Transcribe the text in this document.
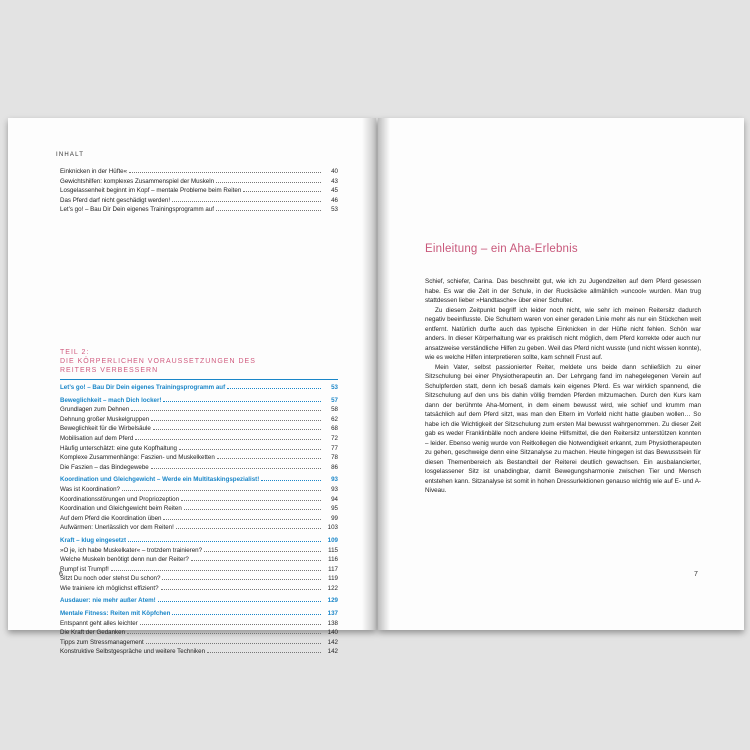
INHALT
Einknicken in der Hüfte«	40
Gewichtshilfen: komplexes Zusammenspiel der Muskeln	43
Losgelassenheit beginnt im Kopf – mentale Probleme beim Reiten	45
Das Pferd darf nicht geschädigt werden!	46
Let’s go! – Bau Dir Dein eigenes Trainingsprogramm auf	53
TEIL 2:
DIE KÖRPERLICHEN VORAUSSETZUNGEN DES
REITERS VERBESSERN
Let’s go! – Bau Dir Dein eigenes Trainingsprogramm auf	53
Beweglichkeit – mach Dich locker!	57
Grundlagen zum Dehnen	58
Dehnung großer Muskelgruppen	62
Beweglichkeit für die Wirbelsäule	68
Mobilisation auf dem Pferd	72
Häufig unterschätzt: eine gute Kopfhaltung	77
Komplexe Zusammenhänge: Faszien- und Muskelketten	78
Die Faszien – das Bindegewebe	86
Koordination und Gleichgewicht – Werde ein Multitaskingspezialist!	93
Was ist Koordination?	93
Koordinationsstörungen und Propriozeption	94
Koordination und Gleichgewicht beim Reiten	95
Auf dem Pferd die Koordination üben	99
Aufwärmen: Unerlässlich vor dem Reiten!	103
Kraft – klug eingesetzt	109
»O je, ich habe Muskelkater« – trotzdem trainieren?	115
Welche Muskeln benötigt denn nun der Reiter?	116
Rumpf ist Trumpf!	117
Sitzt Du noch oder stehst Du schon?	119
Wie trainiere ich möglichst effizient?	122
Ausdauer: nie mehr außer Atem!	129
Mentale Fitness: Reiten mit Köpfchen	137
Entspannt geht alles leichter	138
Die Kraft der Gedanken	140
Tipps zum Stressmanagement	142
Konstruktive Selbstgespräche und weitere Techniken	142
6
Einleitung – ein Aha-Erlebnis

Schief, schiefer, Carina. Das beschreibt gut, wie ich zu Jugendzeiten auf dem Pferd gesessen habe. Es war die Zeit in der Schule, in der Rucksäcke allmählich »uncool« wurden. Man trug stattdessen lieber »Handtasche« über einer Schulter.

Zu diesem Zeitpunkt begriff ich leider noch nicht, wie sehr ich meinen Reitersitz dadurch negativ beeinflusste. Die Schultern waren von einer geraden Linie mehr als nur ein Stückchen weit entfernt. Natürlich durfte auch das typische Einknicken in der Hüfte nicht fehlen. Schön war anders. In dieser Körperhaltung war es praktisch nicht möglich, dem Pferd korrekte oder auch nur ansatzweise verständliche Hilfen zu geben. Weil das Pferd nicht wusste (und nicht wissen konnte), wie es welche Hilfen interpretieren sollte, kam schnell Frust auf.

Mein Vater, selbst passionierter Reiter, meldete uns beide dann schließlich zu einer Sitzschulung bei einer Physiotherapeutin an. Der Lehrgang fand im nahegelegenen Verein auf Schulpferden statt, denn ich besaß damals kein eigenes Pferd. Es war wirklich spannend, die Sitzschulung auf den uns bis dahin völlig fremden Pferden mitzumachen. Durch den Kurs kam dann der berühmte Aha-Moment, in dem einem bewusst wird, wie schief und krumm man tatsächlich auf dem Pferd sitzt, was man den Eltern im Vorfeld nicht hatte glauben wollen… So habe ich die Wichtigkeit der Sitzschulung zum ersten Mal bewusst wahrgenommen. Zu dieser Zeit gab es weder Franklinbälle noch andere kleine Hilfsmittel, die den Reitersitz unterstützen konnten – leider. Ebenso wenig wurde von Reitkollegen die Notwendigkeit erkannt, zum Physiotherapeuten zu gehen, geschweige denn eine Sitzanalyse zu machen. Heute hingegen ist das Bewusstsein für diesen Themenbereich als Bestandteil der Reiterei deutlich gewachsen. Ein ausbalancierter, losgelassener Sitz ist unabdingbar, damit Bewegungsharmonie zwischen Tier und Mensch entstehen kann. Sitzanalyse ist somit in hohen Dressurlektionen genauso wichtig wie auf E- und A-Niveau.

7
